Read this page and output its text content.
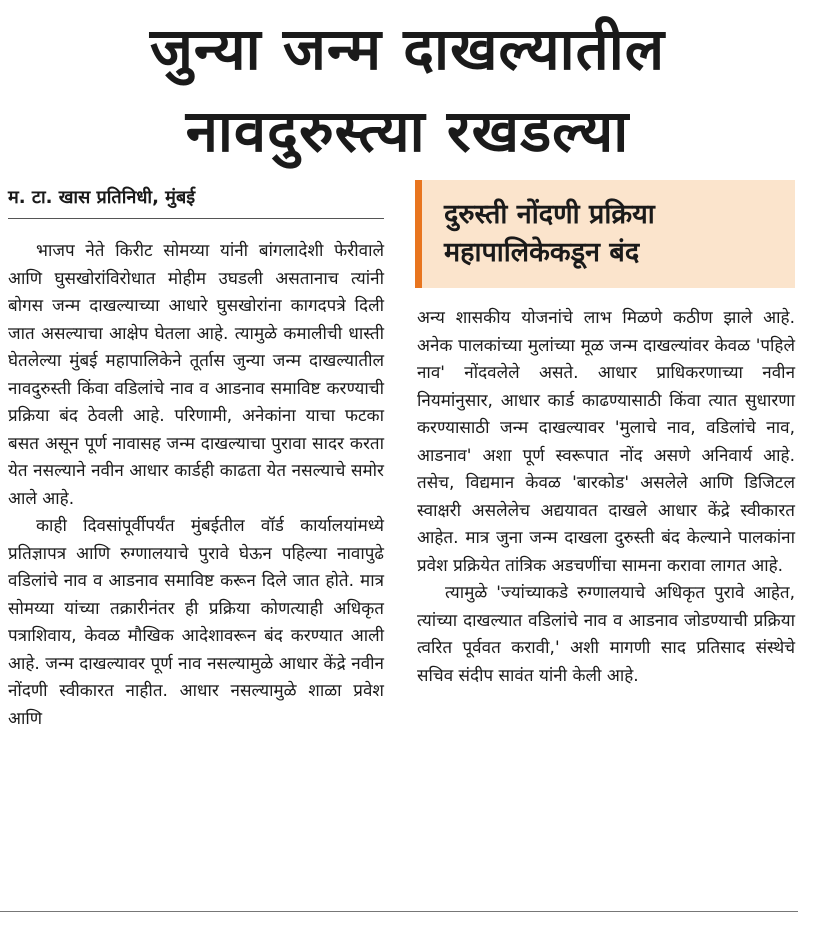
जुन्या जन्म दाखल्यातील
नावदुरुस्त्या रखडल्या
म. टा. खास प्रतिनिधी, मुंबई
दुरुस्ती नोंदणी प्रक्रिया
महापालिकेकडून बंद

भाजप नेते किरीट सोमय्या यांनी बांगलादेशी फेरीवाले आणि घुसखोरांविरोधात मोहीम उघडली असतानाच त्यांनी बोगस जन्म दाखल्याच्या आधारे घुसखोरांना कागदपत्रे दिली जात असल्याचा आक्षेप घेतला आहे. त्यामुळे कमालीची धास्ती घेतलेल्या मुंबई महापालिकेने तूर्तास जुन्या जन्म दाखल्यातील नावदुरुस्ती किंवा वडिलांचे नाव व आडनाव समाविष्ट करण्याची प्रक्रिया बंद ठेवली आहे. परिणामी, अनेकांना याचा फटका बसत असून पूर्ण नावासह जन्म दाखल्याचा पुरावा सादर करता येत नसल्याने नवीन आधार कार्डही काढता येत नसल्याचे समोर आले आहे.

काही दिवसांपूर्वीपर्यंत मुंबईतील वॉर्ड कार्यालयांमध्ये प्रतिज्ञापत्र आणि रुग्णालयाचे पुरावे घेऊन पहिल्या नावापुढे वडिलांचे नाव व आडनाव समाविष्ट करून दिले जात होते. मात्र सोमय्या यांच्या तक्रारीनंतर ही प्रक्रिया कोणत्याही अधिकृत पत्राशिवाय, केवळ मौखिक आदेशावरून बंद करण्यात आली आहे. जन्म दाखल्यावर पूर्ण नाव नसल्यामुळे आधार केंद्रे नवीन नोंदणी स्वीकारत नाहीत. आधार नसल्यामुळे शाळा प्रवेश आणि

अन्य शासकीय योजनांचे लाभ मिळणे कठीण झाले आहे. अनेक पालकांच्या मुलांच्या मूळ जन्म दाखल्यांवर केवळ 'पहिले नाव' नोंदवलेले असते. आधार प्राधिकरणाच्या नवीन नियमांनुसार, आधार कार्ड काढण्यासाठी किंवा त्यात सुधारणा करण्यासाठी जन्म दाखल्यावर 'मुलाचे नाव, वडिलांचे नाव, आडनाव' अशा पूर्ण स्वरूपात नोंद असणे अनिवार्य आहे. तसेच, विद्यमान केवळ 'बारकोड' असलेले आणि डिजिटल स्वाक्षरी असलेलेच अद्ययावत दाखले आधार केंद्रे स्वीकारत आहेत. मात्र जुना जन्म दाखला दुरुस्ती बंद केल्याने पालकांना प्रवेश प्रक्रियेत तांत्रिक अडचणींचा सामना करावा लागत आहे.

त्यामुळे 'ज्यांच्याकडे रुग्णालयाचे अधिकृत पुरावे आहेत, त्यांच्या दाखल्यात वडिलांचे नाव व आडनाव जोडण्याची प्रक्रिया त्वरित पूर्ववत करावी,' अशी मागणी साद प्रतिसाद संस्थेचे सचिव संदीप सावंत यांनी केली आहे.
